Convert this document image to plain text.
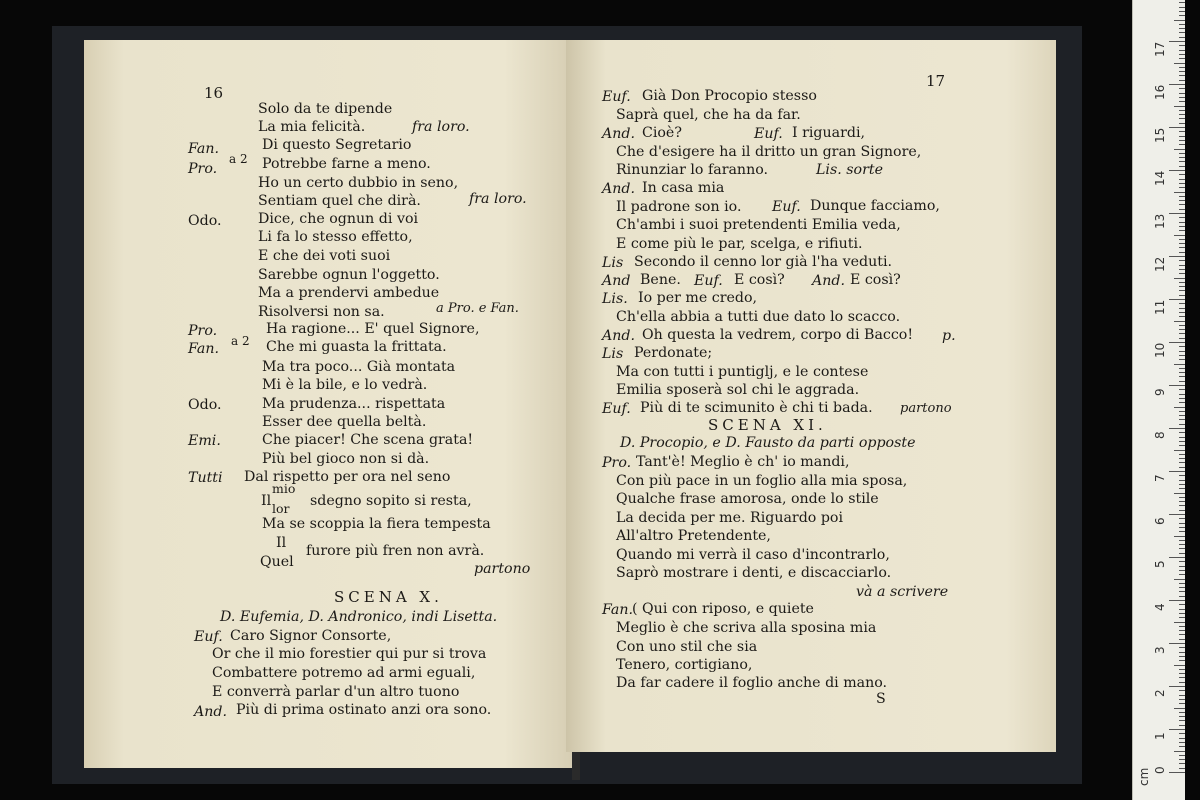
16
Solo da te dipende
La mia felicità.	fra loro.
Fan.	Di questo Segretario
a 2
Pro.	Potrebbe farne a meno.
Ho un certo dubbio in seno,
Sentiam quel che dirà.	fra loro.
Odo.	Dice, che ognun di voi
Li fa lo stesso effetto,
E che dei voti suoi
Sarebbe ognun l'oggetto.
Ma a prendervi ambedue
Risolversi non sa.	a Pro. e Fan.
Pro.	Ha ragione... E' quel Signore,
a 2
Fan.	Che mi guasta la frittata.
Ma tra poco... Già montata
Mi è la bile, e lo vedrà.
Odo.	Ma prudenza... rispettata
Esser dee quella beltà.
Emi.	Che piacer! Che scena grata!
Più bel gioco non si dà.
Tutti Dal rispetto per ora nel seno
Il
mio
lor sdegno sopito si resta,
Ma se scoppia la fiera tempesta
Il
Quel
furore più fren non avrà.
partono
SCENA X.
D. Eufemia, D. Andronico, indi Lisetta.
Euf. Caro Signor Consorte,
Or che il mio forestier qui pur si trova
Combattere potremo ad armi eguali,
E converrà parlar d'un altro tuono
And. Più di prima ostinato anzi ora sono.
17
Euf. Già Don Procopio stesso
Saprà quel, che ha da far.
And. Cioè?	Euf. I riguardi,
Che d'esigere ha il dritto un gran Signore,
Rinunziar lo faranno.	Lis. sorte
And. In casa mia
Il padrone son io. Euf. Dunque facciamo,
Ch'ambi i suoi pretendenti Emilia veda,
E come più le par, scelga, e rifiuti.
Lis Secondo il cenno lor già l'ha veduti.
And Bene. Euf. E così? And. E così?
Lis. Io per me credo,
Ch'ella abbia a tutti due dato lo scacco.
And. Oh questa la vedrem, corpo di Bacco! p.
Lis Perdonate;
Ma con tutti i puntiglj, e le contese
Emilia sposerà sol chi le aggrada.
Euf. Più di te scimunito è chi ti bada. partono
SCENA XI.
D. Procopio, e D. Fausto da parti opposte
Pro. Tant'è! Meglio è ch' io mandi,
Con più pace in un foglio alla mia sposa,
Qualche frase amorosa, onde lo stile
La decida per me. Riguardo poi
All'altro Pretendente,
Quando mi verrà il caso d'incontrarlo,
Saprò mostrare i denti, e discacciarlo.
và a scrivere
Fan. ( Qui con riposo, e quiete
Meglio è che scriva alla sposina mia
Con uno stil che sia
Tenero, cortigiano,
Da far cadere il foglio anche di mano.
S
cm 0
1
2
3
4
5
6
7
8
9
10
11
12
13
14
15
16
17
